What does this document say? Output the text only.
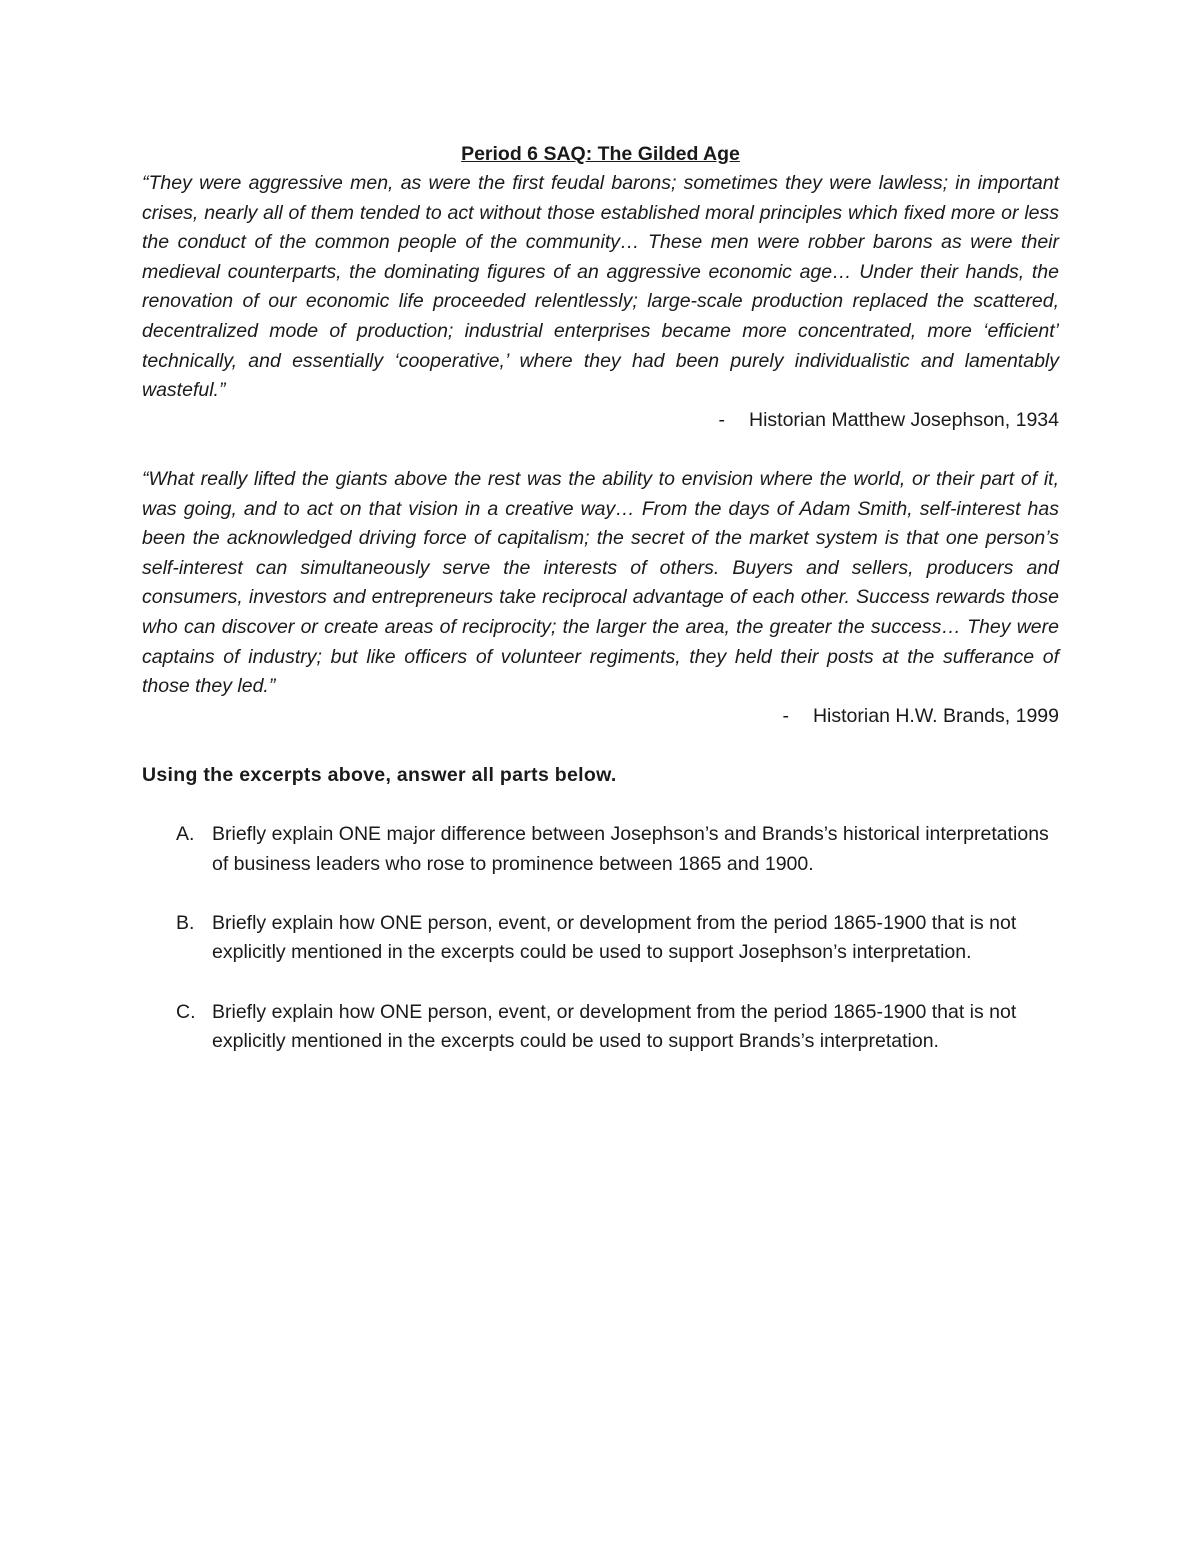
Period 6 SAQ: The Gilded Age

“They were aggressive men, as were the first feudal barons; sometimes they were lawless; in important crises, nearly all of them tended to act without those established moral principles which fixed more or less the conduct of the common people of the community… These men were robber barons as were their medieval counterparts, the dominating figures of an aggressive economic age… Under their hands, the renovation of our economic life proceeded relentlessly; large-scale production replaced the scattered, decentralized mode of production; industrial enterprises became more concentrated, more ‘efficient’ technically, and essentially ‘cooperative,’ where they had been purely individualistic and lamentably wasteful.”

- Historian Matthew Josephson, 1934

“What really lifted the giants above the rest was the ability to envision where the world, or their part of it, was going, and to act on that vision in a creative way… From the days of Adam Smith, self-interest has been the acknowledged driving force of capitalism; the secret of the market system is that one person’s self-interest can simultaneously serve the interests of others. Buyers and sellers, producers and consumers, investors and entrepreneurs take reciprocal advantage of each other. Success rewards those who can discover or create areas of reciprocity; the larger the area, the greater the success… They were captains of industry; but like officers of volunteer regiments, they held their posts at the sufferance of those they led.”

- Historian H.W. Brands, 1999

Using the excerpts above, answer all parts below.

A. Briefly explain ONE major difference between Josephson’s and Brands’s historical interpretations of business leaders who rose to prominence between 1865 and 1900.
B. Briefly explain how ONE person, event, or development from the period 1865-1900 that is not explicitly mentioned in the excerpts could be used to support Josephson’s interpretation.
C. Briefly explain how ONE person, event, or development from the period 1865-1900 that is not explicitly mentioned in the excerpts could be used to support Brands’s interpretation.
